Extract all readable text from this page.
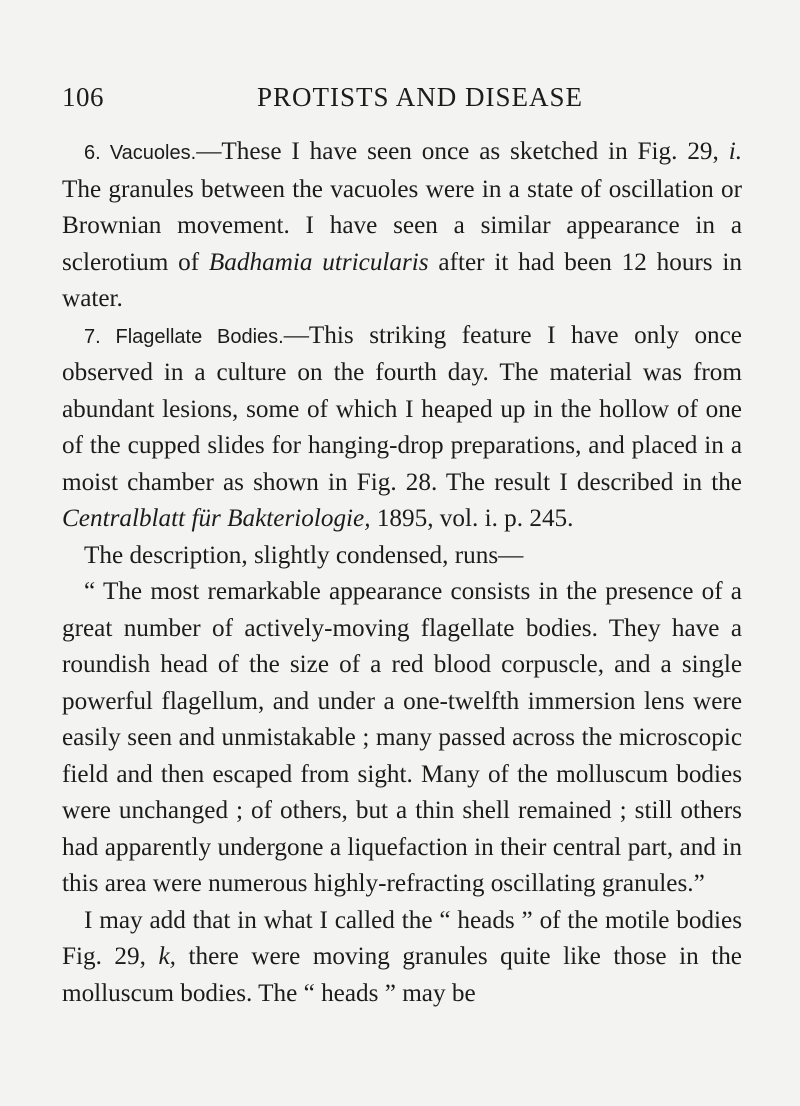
106	PROTISTS AND DISEASE

6. Vacuoles.—These I have seen once as sketched in Fig. 29, i. The granules between the vacuoles were in a state of oscillation or Brownian movement. I have seen a similar appearance in a sclerotium of Badhamia utricularis after it had been 12 hours in water.

7. Flagellate Bodies.—This striking feature I have only once observed in a culture on the fourth day. The material was from abundant lesions, some of which I heaped up in the hollow of one of the cupped slides for hanging-drop preparations, and placed in a moist chamber as shown in Fig. 28. The result I described in the Centralblatt für Bakteriologie, 1895, vol. i. p. 245.

The description, slightly condensed, runs—

“ The most remarkable appearance consists in the presence of a great number of actively-moving flagellate bodies. They have a roundish head of the size of a red blood corpuscle, and a single powerful flagellum, and under a one-twelfth immersion lens were easily seen and unmistakable ; many passed across the microscopic field and then escaped from sight. Many of the molluscum bodies were unchanged ; of others, but a thin shell remained ; still others had apparently undergone a liquefaction in their central part, and in this area were numerous highly-refracting oscillating granules.”

I may add that in what I called the “ heads ” of the motile bodies Fig. 29, k, there were moving granules quite like those in the molluscum bodies. The “ heads ” may be
